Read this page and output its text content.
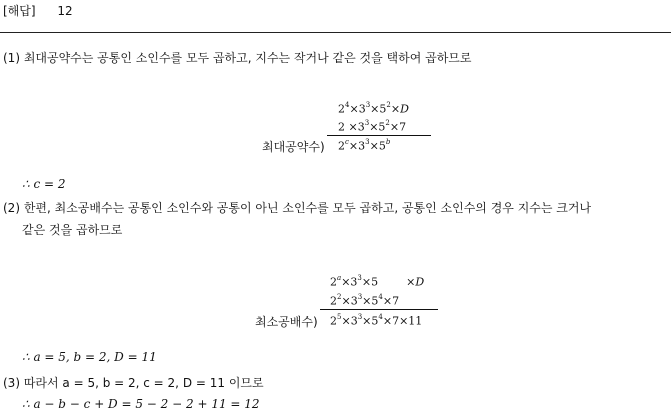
[해답] 12
(1) 최대공약수는 공통인 소인수를 모두 곱하고, 지수는 작거나 같은 것을 택하여 곱하므로
$2^4\times 3^3\times 5^2\times D$
$2 \times 3^3\times 5^2\times 7$
최대공약수) $2^c\times 3^3\times 5^b$
∴ c = 2
(2) 한편, 최소공배수는 공통인 소인수와 공통이 아닌 소인수를 모두 곱하고, 공통인 소인수의 경우 지수는 크거나
같은 것을 곱하므로
$2^a\times 3^3\times 5$	×D
$2^2\times 3^3\times 5^4\times 7$
최소공배수) $2^5\times 3^3\times 5^4\times 7\times 11$
∴ a = 5, b = 2, D = 11
(3) 따라서 a = 5, b = 2, c = 2, D = 11 이므로
∴ a − b − c + D = 5 − 2 − 2 + 11 = 12
